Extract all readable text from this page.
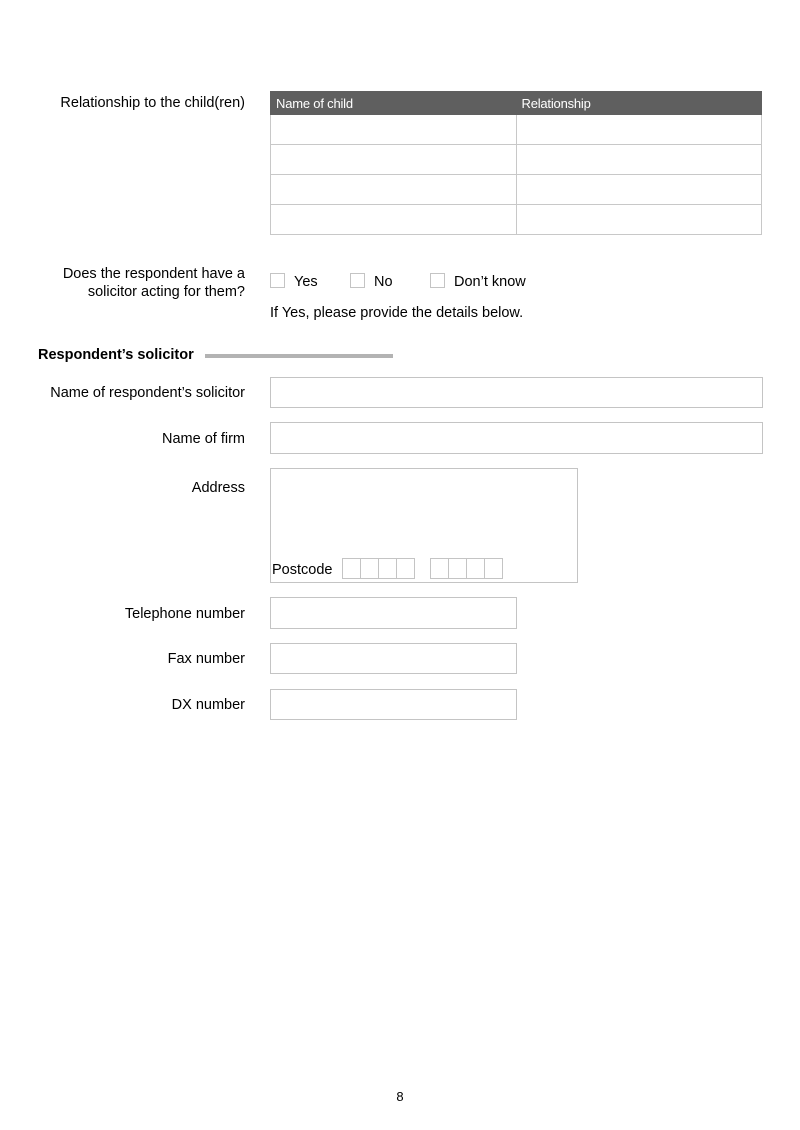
Relationship to the child(ren) Name of child	Relationship

Does the respondent have a
solicitor acting for them?
Yes	No	Don’t know
If Yes, please provide the details below.
Respondent’s solicitor
Name of respondent’s solicitor
Name of firm
Address
Postcode
Telephone number
Fax number
DX number
8
